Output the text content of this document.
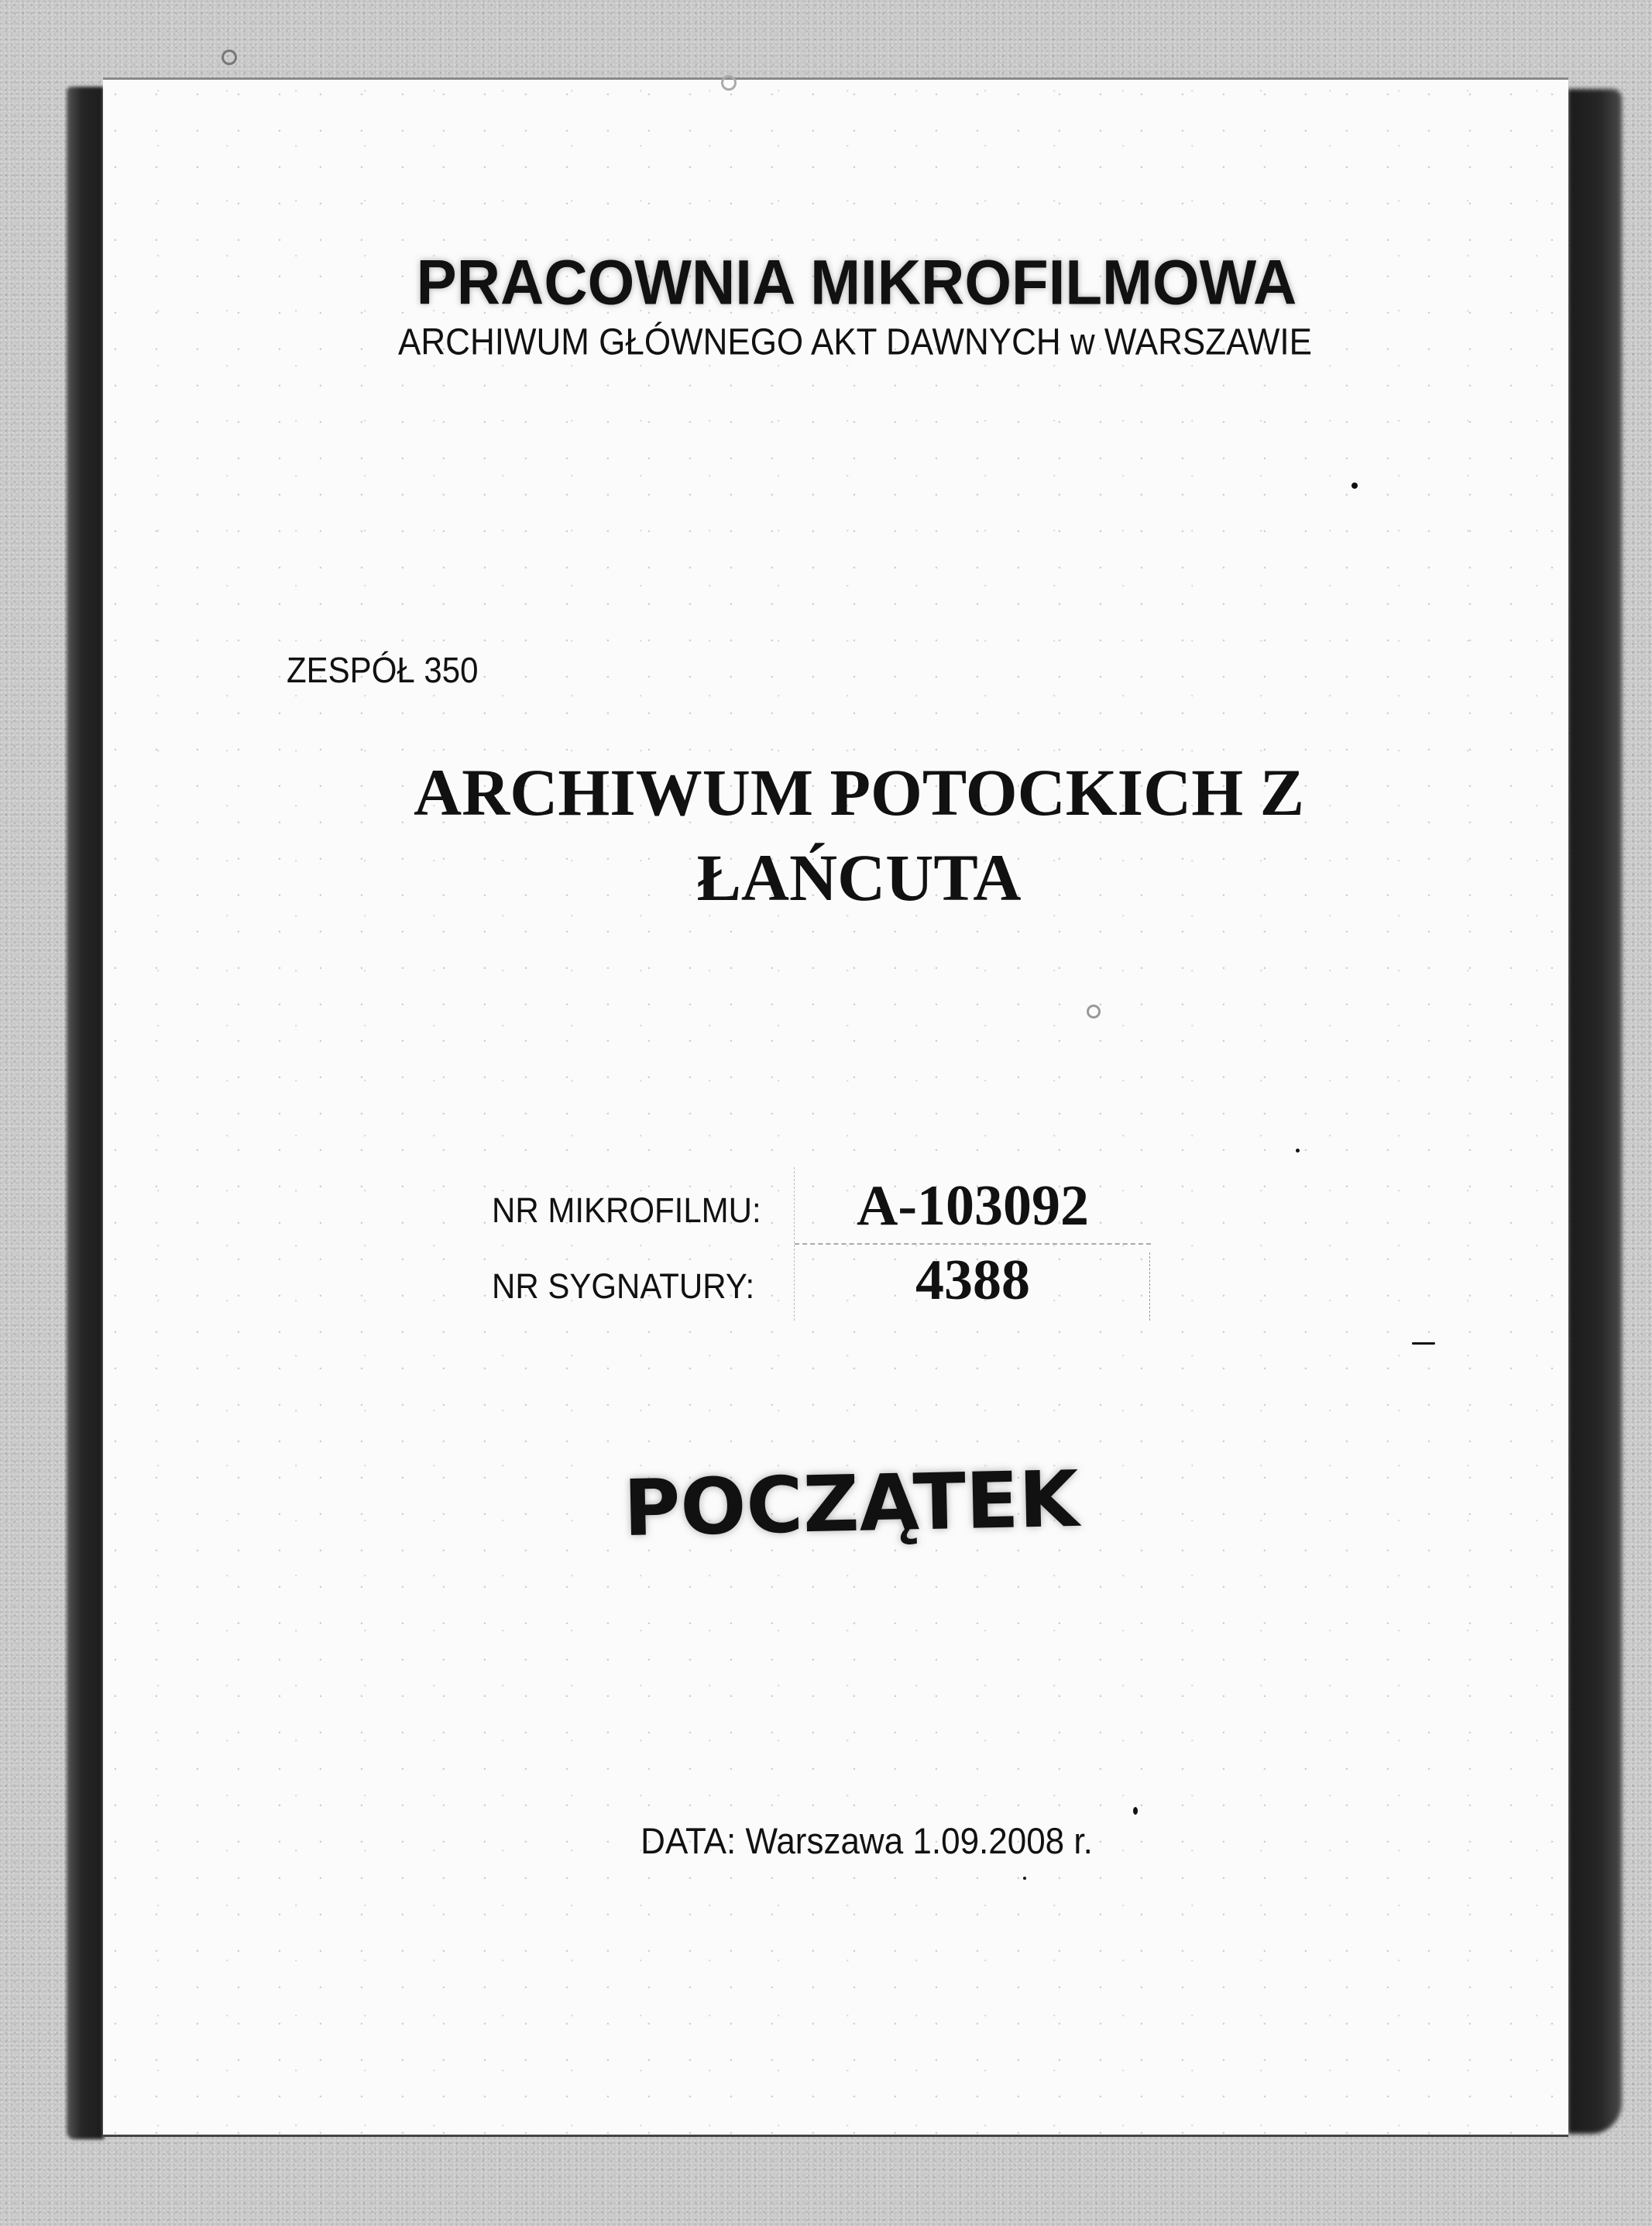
PRACOWNIA MIKROFILMOWA
ARCHIWUM GŁÓWNEGO AKT DAWNYCH w WARSZAWIE
ZESPÓŁ 350
ARCHIWUM POTOCKICH Z
ŁAŃCUTA
NR MIKROFILMU:
NR SYGNATURY:
A-103092
4388
POCZĄTEK
DATA: Warszawa 1.09.2008 r.
